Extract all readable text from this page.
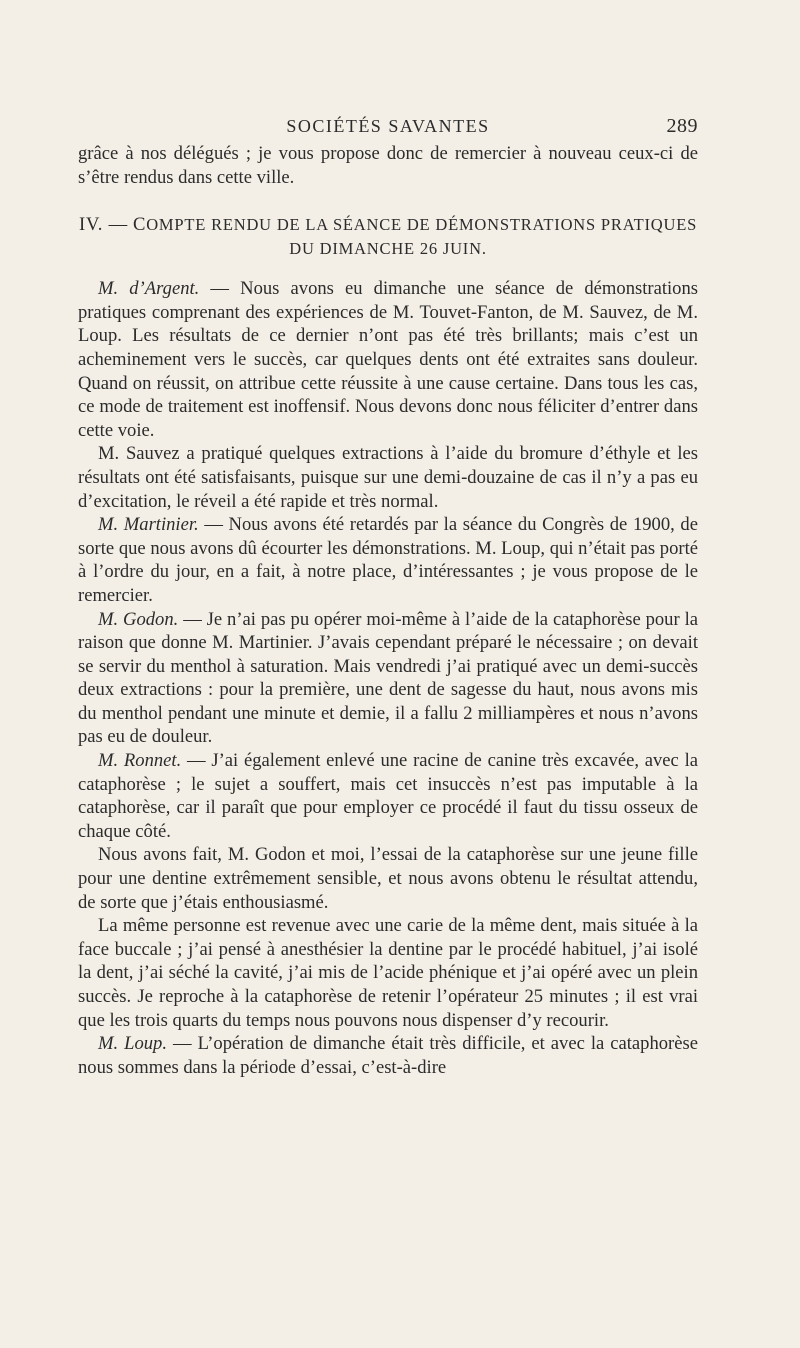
SOCIÉTÉS SAVANTES	289

grâce à nos délégués ; je vous propose donc de remercier à nouveau ceux-ci de s’être rendus dans cette ville.

IV. — COMPTE RENDU DE LA SÉANCE DE DÉMONSTRATIONS PRATIQUES
DU DIMANCHE 26 JUIN.

M. d’Argent. — Nous avons eu dimanche une séance de démonstrations pratiques comprenant des expériences de M. Touvet-Fanton, de M. Sauvez, de M. Loup. Les résultats de ce dernier n’ont pas été très brillants; mais c’est un acheminement vers le succès, car quelques dents ont été extraites sans douleur. Quand on réussit, on attribue cette réussite à une cause certaine. Dans tous les cas, ce mode de traitement est inoffensif. Nous devons donc nous féliciter d’entrer dans cette voie.

M. Sauvez a pratiqué quelques extractions à l’aide du bromure d’éthyle et les résultats ont été satisfaisants, puisque sur une demi-douzaine de cas il n’y a pas eu d’excitation, le réveil a été rapide et très normal.

M. Martinier. — Nous avons été retardés par la séance du Congrès de 1900, de sorte que nous avons dû écourter les démonstrations. M. Loup, qui n’était pas porté à l’ordre du jour, en a fait, à notre place, d’intéressantes ; je vous propose de le remercier.

M. Godon. — Je n’ai pas pu opérer moi-même à l’aide de la cataphorèse pour la raison que donne M. Martinier. J’avais cependant préparé le nécessaire ; on devait se servir du menthol à saturation. Mais vendredi j’ai pratiqué avec un demi-succès deux extractions : pour la première, une dent de sagesse du haut, nous avons mis du menthol pendant une minute et demie, il a fallu 2 milliampères et nous n’avons pas eu de douleur.

M. Ronnet. — J’ai également enlevé une racine de canine très excavée, avec la cataphorèse ; le sujet a souffert, mais cet insuccès n’est pas imputable à la cataphorèse, car il paraît que pour employer ce procédé il faut du tissu osseux de chaque côté.

Nous avons fait, M. Godon et moi, l’essai de la cataphorèse sur une jeune fille pour une dentine extrêmement sensible, et nous avons obtenu le résultat attendu, de sorte que j’étais enthousiasmé.

La même personne est revenue avec une carie de la même dent, mais située à la face buccale ; j’ai pensé à anesthésier la dentine par le procédé habituel, j’ai isolé la dent, j’ai séché la cavité, j’ai mis de l’acide phénique et j’ai opéré avec un plein succès. Je reproche à la cataphorèse de retenir l’opérateur 25 minutes ; il est vrai que les trois quarts du temps nous pouvons nous dispenser d’y recourir.

M. Loup. — L’opération de dimanche était très difficile, et avec la cataphorèse nous sommes dans la période d’essai, c’est-à-dire
